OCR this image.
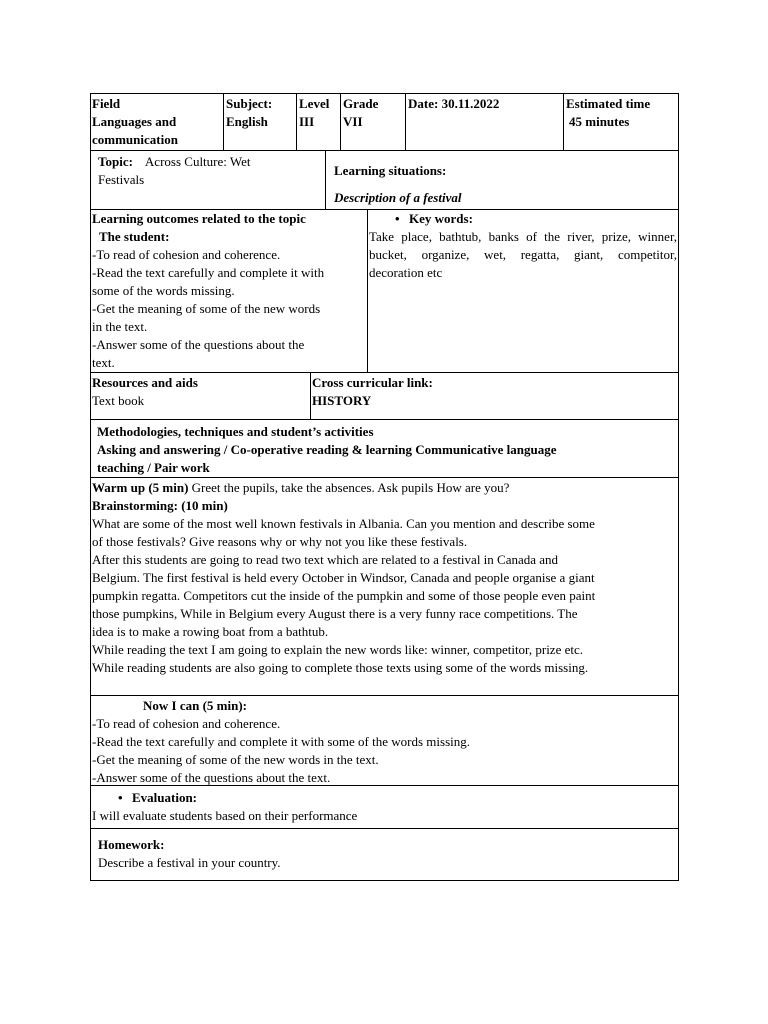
Field
Languages and
communication
Subject:
English
Level
III
Grade
VII
Date: 30.11.2022	Estimated time
45 minutes
Topic: Across Culture: Wet
Festivals
Learning situations:
Description of a festival
Learning outcomes related to the topic
The student:
-To read of cohesion and coherence.
-Read the text carefully and complete it with
some of the words missing.
-Get the meaning of some of the new words
in the text.
-Answer some of the questions about the
text.
• Key words:
Take place, bathtub, banks of the river, prize, winner, bucket, organize, wet, regatta, giant, competitor, decoration etc
Resources and aids
Text book
Cross curricular link:
HISTORY
Methodologies, techniques and student’s activities
Asking and answering / Co-operative reading & learning Communicative language
teaching / Pair work
Warm up (5 min) Greet the pupils, take the absences. Ask pupils How are you?
Brainstorming: (10 min)
What are some of the most well known festivals in Albania. Can you mention and describe some
of those festivals? Give reasons why or why not you like these festivals.
After this students are going to read two text which are related to a festival in Canada and
Belgium. The first festival is held every October in Windsor, Canada and people organise a giant
pumpkin regatta. Competitors cut the inside of the pumpkin and some of those people even paint
those pumpkins, While in Belgium every August there is a very funny race competitions. The
idea is to make a rowing boat from a bathtub.
While reading the text I am going to explain the new words like: winner, competitor, prize etc.
While reading students are also going to complete those texts using some of the words missing.
Now I can (5 min):
-To read of cohesion and coherence.
-Read the text carefully and complete it with some of the words missing.
-Get the meaning of some of the new words in the text.
-Answer some of the questions about the text.
• Evaluation:
I will evaluate students based on their performance
Homework:
Describe a festival in your country.
